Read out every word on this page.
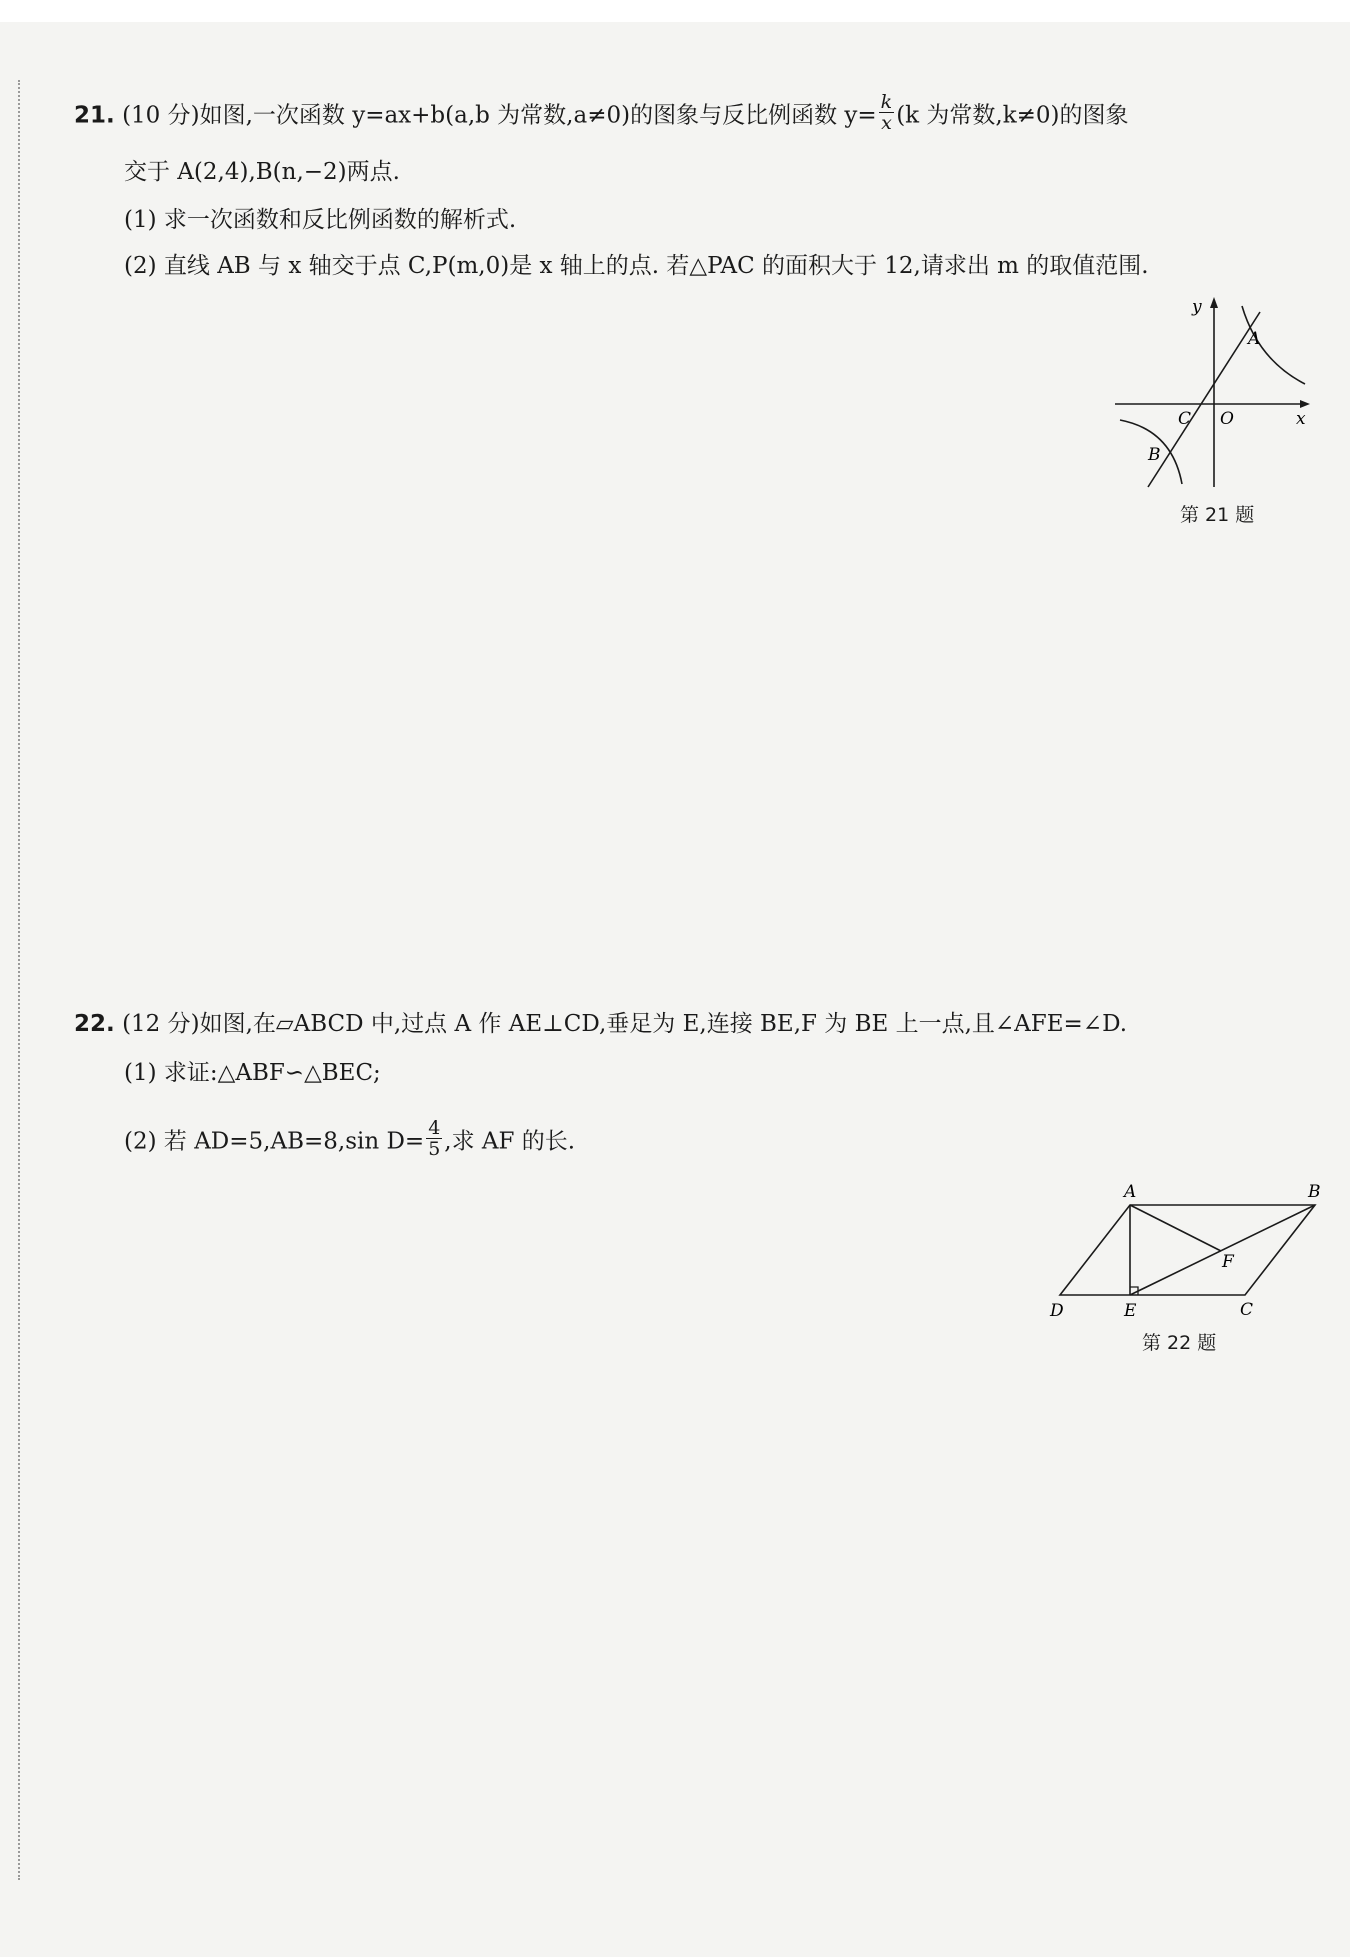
21. (10 分)如图,一次函数 y=ax+b(a,b 为常数,a≠0)的图象与反比例函数 $y= \frac{k}{x} (k$ 为常数,k≠0)的图象
交于 A(2,4),B(n,−2)两点.
(1) 求一次函数和反比例函数的解析式.
(2) 直线 AB 与 x 轴交于点 C,P(m,0)是 x 轴上的点. 若△PAC 的面积大于 12,请求出 m 的取值范围.
y
x
A
B
C O
第 21 题
22. (12 分)如图,在▱ABCD 中,过点 A 作 AE⊥CD,垂足为 E,连接 BE,F 为 BE 上一点,且∠AFE=∠D.
(1) 求证:△ABF∽△BEC;
(2) 若 AD=5,AB=8,sin $D= \frac{4}{5}$ ,求 AF 的长.
A	B
C
D	E
F
第 22 题
